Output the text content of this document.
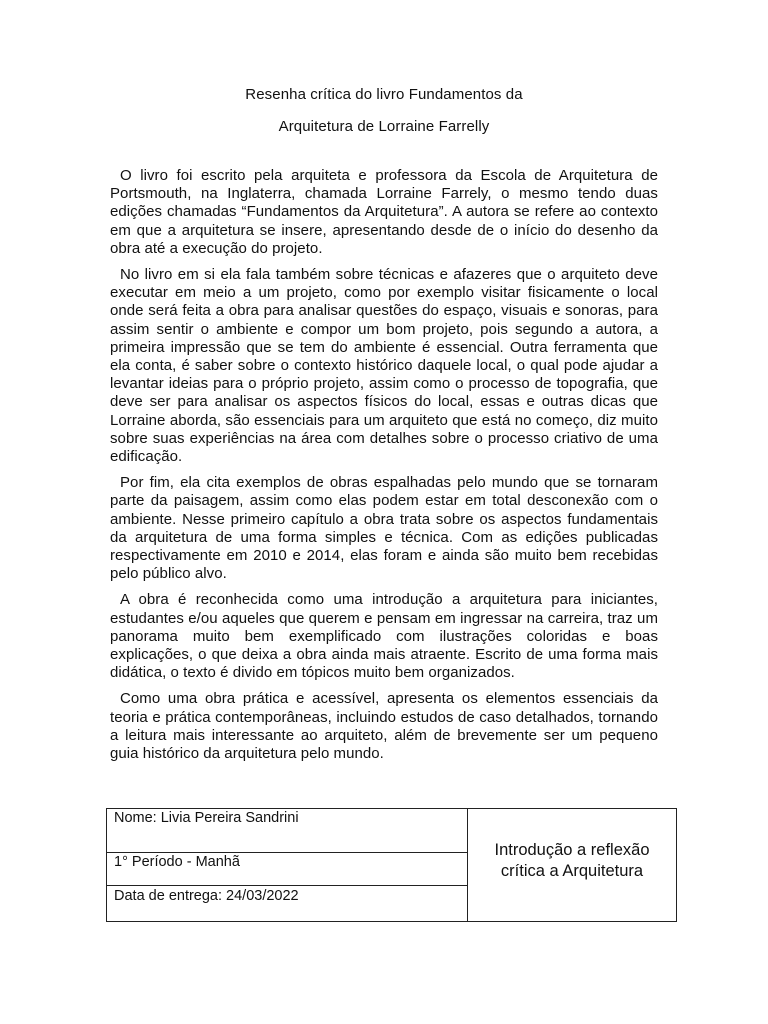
Resenha crítica do livro Fundamentos da
Arquitetura de Lorraine Farrelly

O livro foi escrito pela arquiteta e professora da Escola de Arquitetura de Portsmouth, na Inglaterra, chamada Lorraine Farrely, o mesmo tendo duas edições chamadas “Fundamentos da Arquitetura”. A autora se refere ao contexto em que a arquitetura se insere, apresentando desde de o início do desenho da obra até a execução do projeto.

No livro em si ela fala também sobre técnicas e afazeres que o arquiteto deve executar em meio a um projeto, como por exemplo visitar fisicamente o local onde será feita a obra para analisar questões do espaço, visuais e sonoras, para assim sentir o ambiente e compor um bom projeto, pois segundo a autora, a primeira impressão que se tem do ambiente é essencial. Outra ferramenta que ela conta, é saber sobre o contexto histórico daquele local, o qual pode ajudar a levantar ideias para o próprio projeto, assim como o processo de topografia, que deve ser para analisar os aspectos físicos do local, essas e outras dicas que Lorraine aborda, são essenciais para um arquiteto que está no começo, diz muito sobre suas experiências na área com detalhes sobre o processo criativo de uma edificação.

Por fim, ela cita exemplos de obras espalhadas pelo mundo que se tornaram parte da paisagem, assim como elas podem estar em total desconexão com o ambiente. Nesse primeiro capítulo a obra trata sobre os aspectos fundamentais da arquitetura de uma forma simples e técnica. Com as edições publicadas respectivamente em 2010 e 2014, elas foram e ainda são muito bem recebidas pelo público alvo.

A obra é reconhecida como uma introdução a arquitetura para iniciantes, estudantes e/ou aqueles que querem e pensam em ingressar na carreira, traz um panorama muito bem exemplificado com ilustrações coloridas e boas explicações, o que deixa a obra ainda mais atraente. Escrito de uma forma mais didática, o texto é divido em tópicos muito bem organizados.

Como uma obra prática e acessível, apresenta os elementos essenciais da teoria e prática contemporâneas, incluindo estudos de caso detalhados, tornando a leitura mais interessante ao arquiteto, além de brevemente ser um pequeno guia histórico da arquitetura pelo mundo.

Nome: Livia Pereira Sandrini
1° Período - Manhã
Data de entrega: 24/03/2022
Introdução a reflexão crítica a Arquitetura
